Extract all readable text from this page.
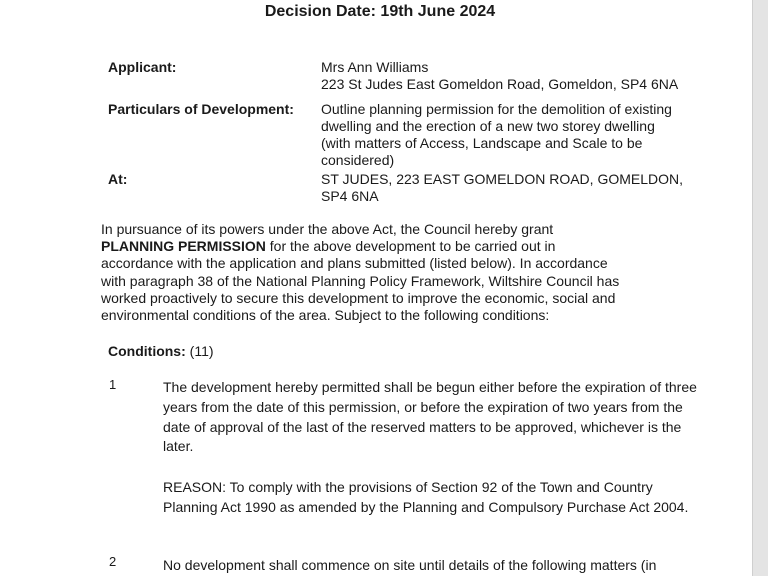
Decision Date: 19th June 2024
Applicant:	Mrs Ann Williams
223 St Judes East Gomeldon Road, Gomeldon, SP4 6NA
Particulars of Development: Outline planning permission for the demolition of existing
dwelling and the erection of a new two storey dwelling
(with matters of Access, Landscape and Scale to be
considered)
At:	ST JUDES, 223 EAST GOMELDON ROAD, GOMELDON,
SP4 6NA
In pursuance of its powers under the above Act, the Council hereby grant
PLANNING PERMISSION for the above development to be carried out in
accordance with the application and plans submitted (listed below). In accordance
with paragraph 38 of the National Planning Policy Framework, Wiltshire Council has
worked proactively to secure this development to improve the economic, social and
environmental conditions of the area. Subject to the following conditions:
Conditions: (11)
1	The development hereby permitted shall be begun either before the expiration of three
years from the date of this permission, or before the expiration of two years from the
date of approval of the last of the reserved matters to be approved, whichever is the
later.
REASON: To comply with the provisions of Section 92 of the Town and Country
Planning Act 1990 as amended by the Planning and Compulsory Purchase Act 2004.
2	No development shall commence on site until details of the following matters (in
